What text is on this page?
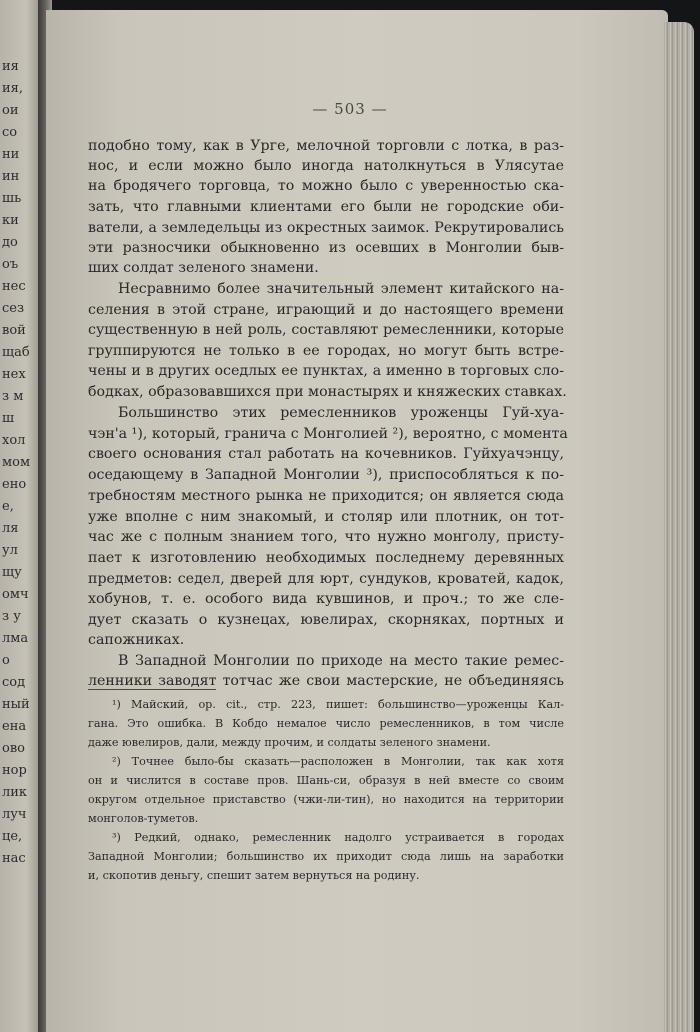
ия
ия,
ои
со
ни
ин
шь
ки
до
оъ
нес
сез
вой
щаб
нех
з м
ш
хол
мом
ено
е,
ля
ул
щу
омч
з у
лма
о
сод
ный
ена
ово
нор
лик
луч
це,
нас
— 503 —
подобно тому, как в Урге, мелочной торговли с лотка, в раз-
нос, и если можно было иногда натолкнуться в Улясутае
на бродячего торговца, то можно было с уверенностью ска-
зать, что главными клиентами его были не городские оби-
ватели, а земледельцы из окрестных заимок. Рекрутировались
эти разносчики обыкновенно из осевших в Монголии быв-
ших солдат зеленого знамени.
Несравнимо более значительный элемент китайского на-
селения в этой стране, играющий и до настоящего времени
существенную в ней роль, составляют ремесленники, которые
группируются не только в ее городах, но могут быть встре-
чены и в других оседлых ее пунктах, а именно в торговых сло-
бодках, образовавшихся при монастырях и княжеских ставках.
Большинство этих ремесленников уроженцы Гуй-хуа-
чэн'а ¹), который, граничa с Монголией ²), вероятно, с момента
своего основания стал работать на кочевников. Гуйхуачэнцу,
оседающему в Западной Монголии ³), приспособляться к по-
требностям местного рынка не приходится; он является сюда
уже вполне с ним знакомый, и столяр или плотник, он тот-
час же с полным знанием того, что нужно монголу, присту-
пает к изготовлению необходимых последнему деревянных
предметов: седел, дверей для юрт, сундуков, кроватей, кадок,
хобунов, т. е. особого вида кувшинов, и проч.; то же сле-
дует сказать о кузнецах, ювелирах, скорняках, портных и
сапожниках.
В Западной Монголии по приходе на место такие ремес-
ленники заводят тотчас же свои мастерские, не объединяясь
¹) Майский, op. cit., стр. 223, пишет: большинство—уроженцы Кал-
гана. Это ошибка. В Кобдо немалое число ремесленников, в том числе
даже ювелиров, дали, между прочим, и солдаты зеленого знамени.
²) Точнее было-бы сказать—расположен в Монголии, так как хотя
он и числится в составе пров. Шань-си, образуя в ней вместе со своим
округом отдельное приставство (чжи-ли-тин), но находится на территории
монголов-туметов.
³) Редкий, однако, ремесленник надолго устраивается в городах
Западной Монголии; большинство их приходит сюда лишь на заработки
и, скопотив деньгу, спешит затем вернуться на родину.
